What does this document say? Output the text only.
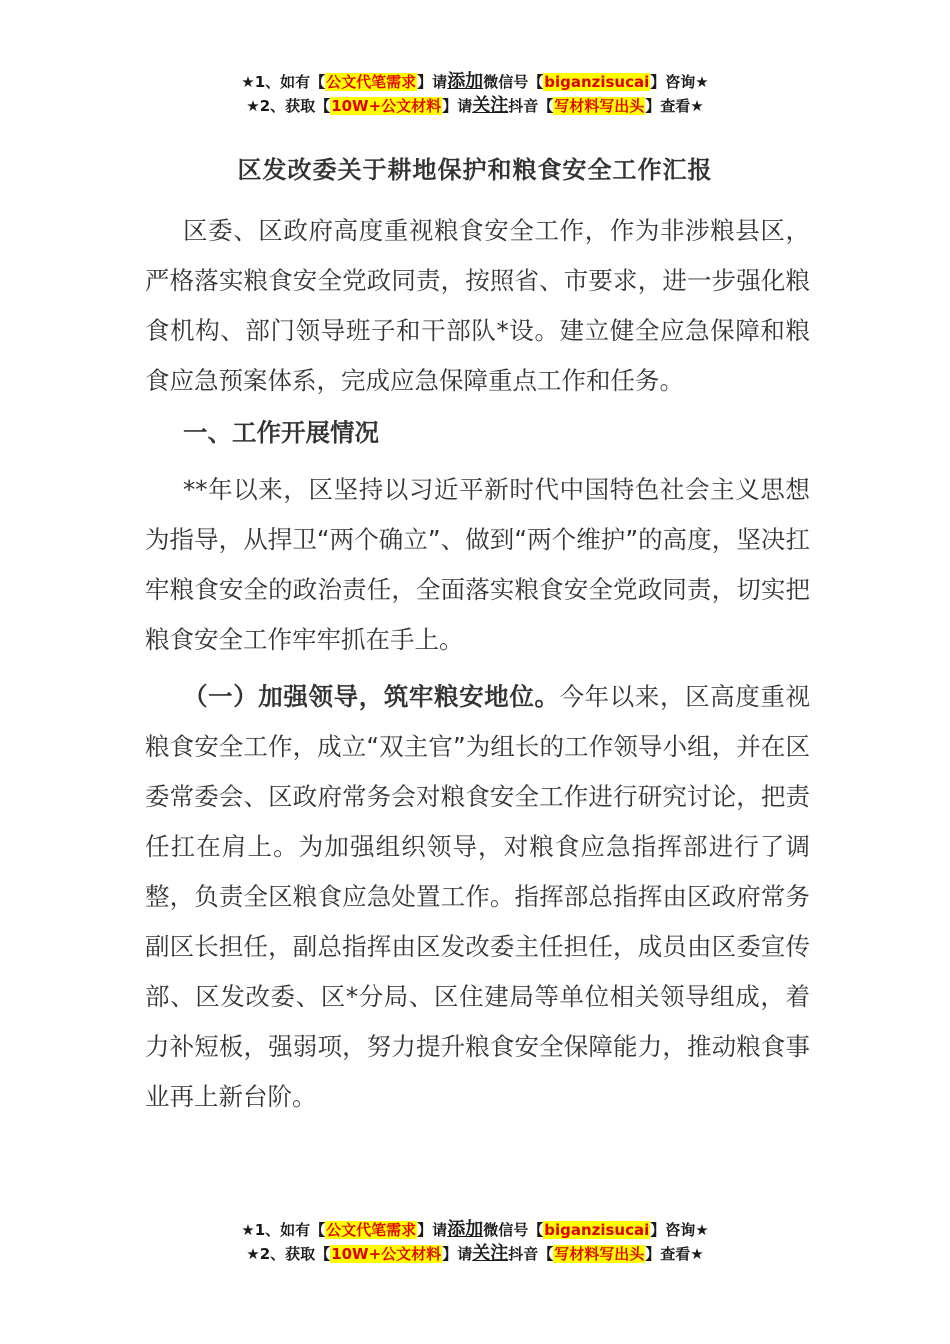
★1、如有【公文代笔需求】请添加微信号【biganzisucai】咨询★
★2、获取【10W+公文材料】请关注抖音【写材料写出头】查看★
区发改委关于耕地保护和粮食安全工作汇报

区委、区政府高度重视粮食安全工作，作为非涉粮县区，严格落实粮食安全党政同责，按照省、市要求，进一步强化粮食机构、部门领导班子和干部队*设。建立健全应急保障和粮食应急预案体系，完成应急保障重点工作和任务。

一、工作开展情况

**年以来，区坚持以习近平新时代中国特色社会主义思想为指导，从捍卫“两个确立”、做到“两个维护”的高度，坚决扛牢粮食安全的政治责任，全面落实粮食安全党政同责，切实把粮食安全工作牢牢抓在手上。

（一）加强领导，筑牢粮安地位。今年以来，区高度重视粮食安全工作，成立“双主官”为组长的工作领导小组，并在区委常委会、区政府常务会对粮食安全工作进行研究讨论，把责任扛在肩上。为加强组织领导，对粮食应急指挥部进行了调整，负责全区粮食应急处置工作。指挥部总指挥由区政府常务副区长担任，副总指挥由区发改委主任担任，成员由区委宣传部、区发改委、区*分局、区住建局等单位相关领导组成，着力补短板，强弱项，努力提升粮食安全保障能力，推动粮食事业再上新台阶。

★1、如有【公文代笔需求】请添加微信号【biganzisucai】咨询★
★2、获取【10W+公文材料】请关注抖音【写材料写出头】查看★
